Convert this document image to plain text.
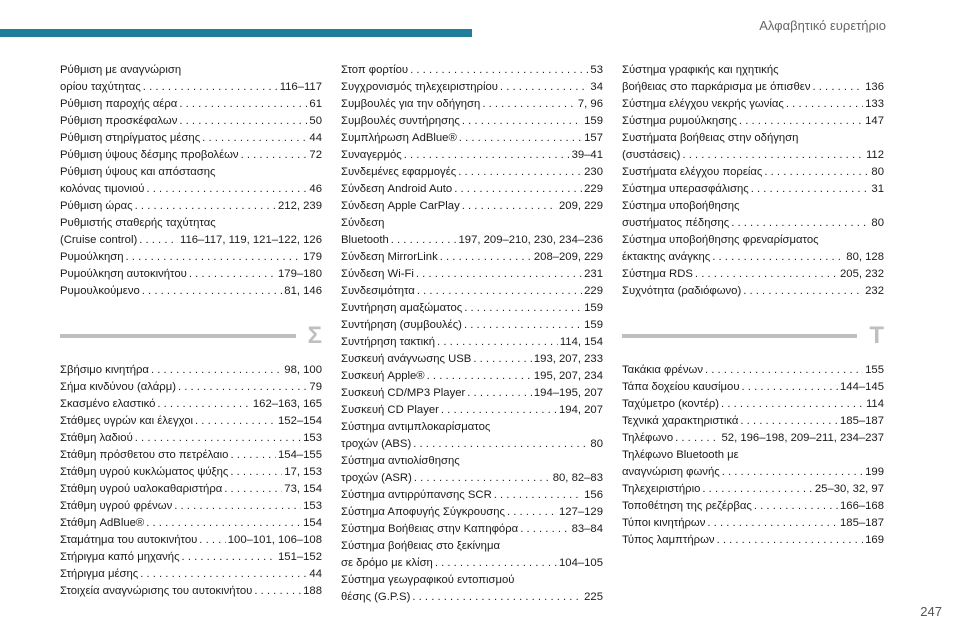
Αλφαβητικό ευρετήριο
Ρύθμιση με αναγνώριση
ορίου ταχύτητας . . .	116–117
Ρύθμιση παροχής αέρα . . .	61
Ρύθμιση προσκέφαλων . . .	50
Ρύθμιση στηρίγματος μέσης . . .	44
Ρύθμιση ύψους δέσμης προβολέων . . .	72
Ρύθμιση ύψους και απόστασης
κολόνας τιμονιού . . .	46
Ρύθμιση ώρας . . .	212, 239
Ρυθμιστής σταθερής ταχύτητας
(Cruise control) . . .	116–117, 119, 121–122, 126
Ρυμούλκηση . . .	179
Ρυμούλκηση αυτοκινήτου . . .	179–180
Ρυμουλκούμενο . . .	81, 146
Σ
Σβήσιμο κινητήρα . . .	98, 100
Σήμα κινδύνου (αλάρμ) . . .	79
Σκασμένο ελαστικό . . .	162–163, 165
Στάθμες υγρών και έλεγχοι . . .	152–154
Στάθμη λαδιού . . .	153
Στάθμη πρόσθετου στο πετρέλαιο . . .	154–155
Στάθμη υγρού κυκλώματος ψύξης . . .	17, 153
Στάθμη υγρού υαλοκαθαριστήρα . . .	73, 154
Στάθμη υγρού φρένων . . .	153
Στάθμη AdBlue® . . .	154
Σταμάτημα του αυτοκινήτου . . .	100–101, 106–108
Στήριγμα καπό μηχανής . . .	151–152
Στήριγμα μέσης . . .	44
Στοιχεία αναγνώρισης του αυτοκινήτου . . .	188
Στοπ φορτίου . . .	53
Συγχρονισμός τηλεχειριστηρίου . . .	34
Συμβουλές για την οδήγηση . . .	7, 96
Συμβουλές συντήρησης . . .	159
Συμπλήρωση AdBlue® . . .	157
Συναγερμός . . .	39–41
Συνδεμένες εφαρμογές . . .	230
Σύνδεση Android Auto . . .	229
Σύνδεση Apple CarPlay . . .	209, 229
Σύνδεση
Bluetooth . . .	197, 209–210, 230, 234–236
Σύνδεση MirrorLink . . .	208–209, 229
Σύνδεση Wi-Fi . . .	231
Συνδεσιμότητα . . .	229
Συντήρηση αμαξώματος . . .	159
Συντήρηση (συμβουλές) . . .	159
Συντήρηση τακτική . . .	114, 154
Συσκευή ανάγνωσης USB . . .	193, 207, 233
Συσκευή Apple® . . .	195, 207, 234
Συσκευή CD/MP3 Player . . .	194–195, 207
Συσκευή CD Player . . .	194, 207
Σύστημα αντιμπλοκαρίσματος
τροχών (ABS) . . .	80
Σύστημα αντιολίσθησης
τροχών (ASR) . . .	80, 82–83
Σύστημα αντιρρύπανσης SCR . . .	156
Σύστημα Αποφυγής Σύγκρουσης . . .	127–129
Σύστημα Βοήθειας στην Καπηφόρα . . .	83–84
Σύστημα βοήθειας στο ξεκίνημα
σε δρόμο με κλίση . . .	104–105
Σύστημα γεωγραφικού εντοπισμού
θέσης (G.P.S) . . .	225
Σύστημα γραφικής και ηχητικής
βοήθειας στο παρκάρισμα με όπισθεν . . .	136
Σύστημα ελέγχου νεκρής γωνίας . . .	133
Σύστημα ρυμούλκησης . . .	147
Συστήματα βοήθειας στην οδήγηση
(συστάσεις) . . .	112
Συστήματα ελέγχου πορείας . . .	80
Σύστημα υπερασφάλισης . . .	31
Σύστημα υποβοήθησης
συστήματος πέδησης . . .	80
Σύστημα υποβοήθησης φρεναρίσματος
έκτακτης ανάγκης . . .	80, 128
Σύστημα RDS . . .	205, 232
Συχνότητα (ραδιόφωνο) . . .	232
Τ
Τακάκια φρένων . . .	155
Τάπα δοχείου καυσίμου . . .	144–145
Ταχύμετρο (κοντέρ) . . .	114
Τεχνικά χαρακτηριστικά . . .	185–187
Τηλέφωνο . . .	52, 196–198, 209–211, 234–237
Τηλέφωνο Bluetooth με
αναγνώριση φωνής . . .	199
Τηλεχειριστήριο . . .	25–30, 32, 97
Τοποθέτηση της ρεζέρβας . . .	166–168
Τύποι κινητήρων . . .	185–187
Τύπος λαμπτήρων . . .	169
247
